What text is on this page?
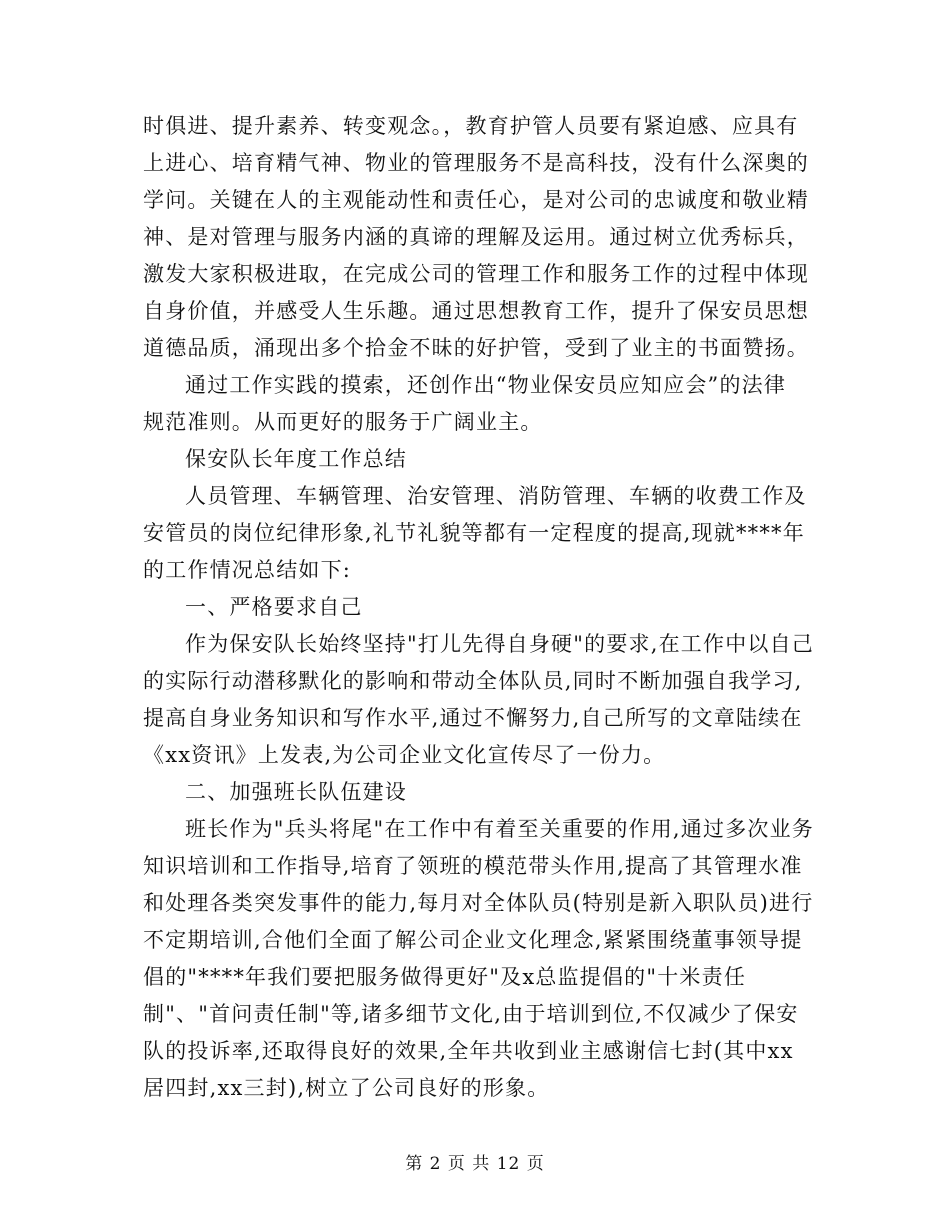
时俱进、提升素养、转变观念。，教育护管人员要有紧迫感、应具有
上进心、培育精气神、物业的管理服务不是高科技，没有什么深奥的
学问。关键在人的主观能动性和责任心，是对公司的忠诚度和敬业精
神、是对管理与服务内涵的真谛的理解及运用。通过树立优秀标兵，
激发大家积极进取，在完成公司的管理工作和服务工作的过程中体现
自身价值，并感受人生乐趣。通过思想教育工作，提升了保安员思想
道德品质，涌现出多个拾金不昧的好护管，受到了业主的书面赞扬。
通过工作实践的摸索，还创作出“物业保安员应知应会”的法律
规范准则。从而更好的服务于广阔业主。
保安队长年度工作总结
人员管理、车辆管理、治安管理、消防管理、车辆的收费工作及
安管员的岗位纪律形象,礼节礼貌等都有一定程度的提高,现就****年
的工作情况总结如下:
一、严格要求自己
作为保安队长始终坚持"打儿先得自身硬"的要求,在工作中以自己
的实际行动潜移默化的影响和带动全体队员,同时不断加强自我学习,
提高自身业务知识和写作水平,通过不懈努力,自己所写的文章陆续在
《xx资讯》上发表,为公司企业文化宣传尽了一份力。
二、加强班长队伍建设
班长作为"兵头将尾"在工作中有着至关重要的作用,通过多次业务
知识培训和工作指导,培育了领班的模范带头作用,提高了其管理水准
和处理各类突发事件的能力,每月对全体队员(特别是新入职队员)进行
不定期培训,合他们全面了解公司企业文化理念,紧紧围绕董事领导提
倡的"****年我们要把服务做得更好"及x总监提倡的"十米责任
制"、"首问责任制"等,诸多细节文化,由于培训到位,不仅减少了保安
队的投诉率,还取得良好的效果,全年共收到业主感谢信七封(其中xx
居四封,xx三封),树立了公司良好的形象。
第 2 页 共 12 页
